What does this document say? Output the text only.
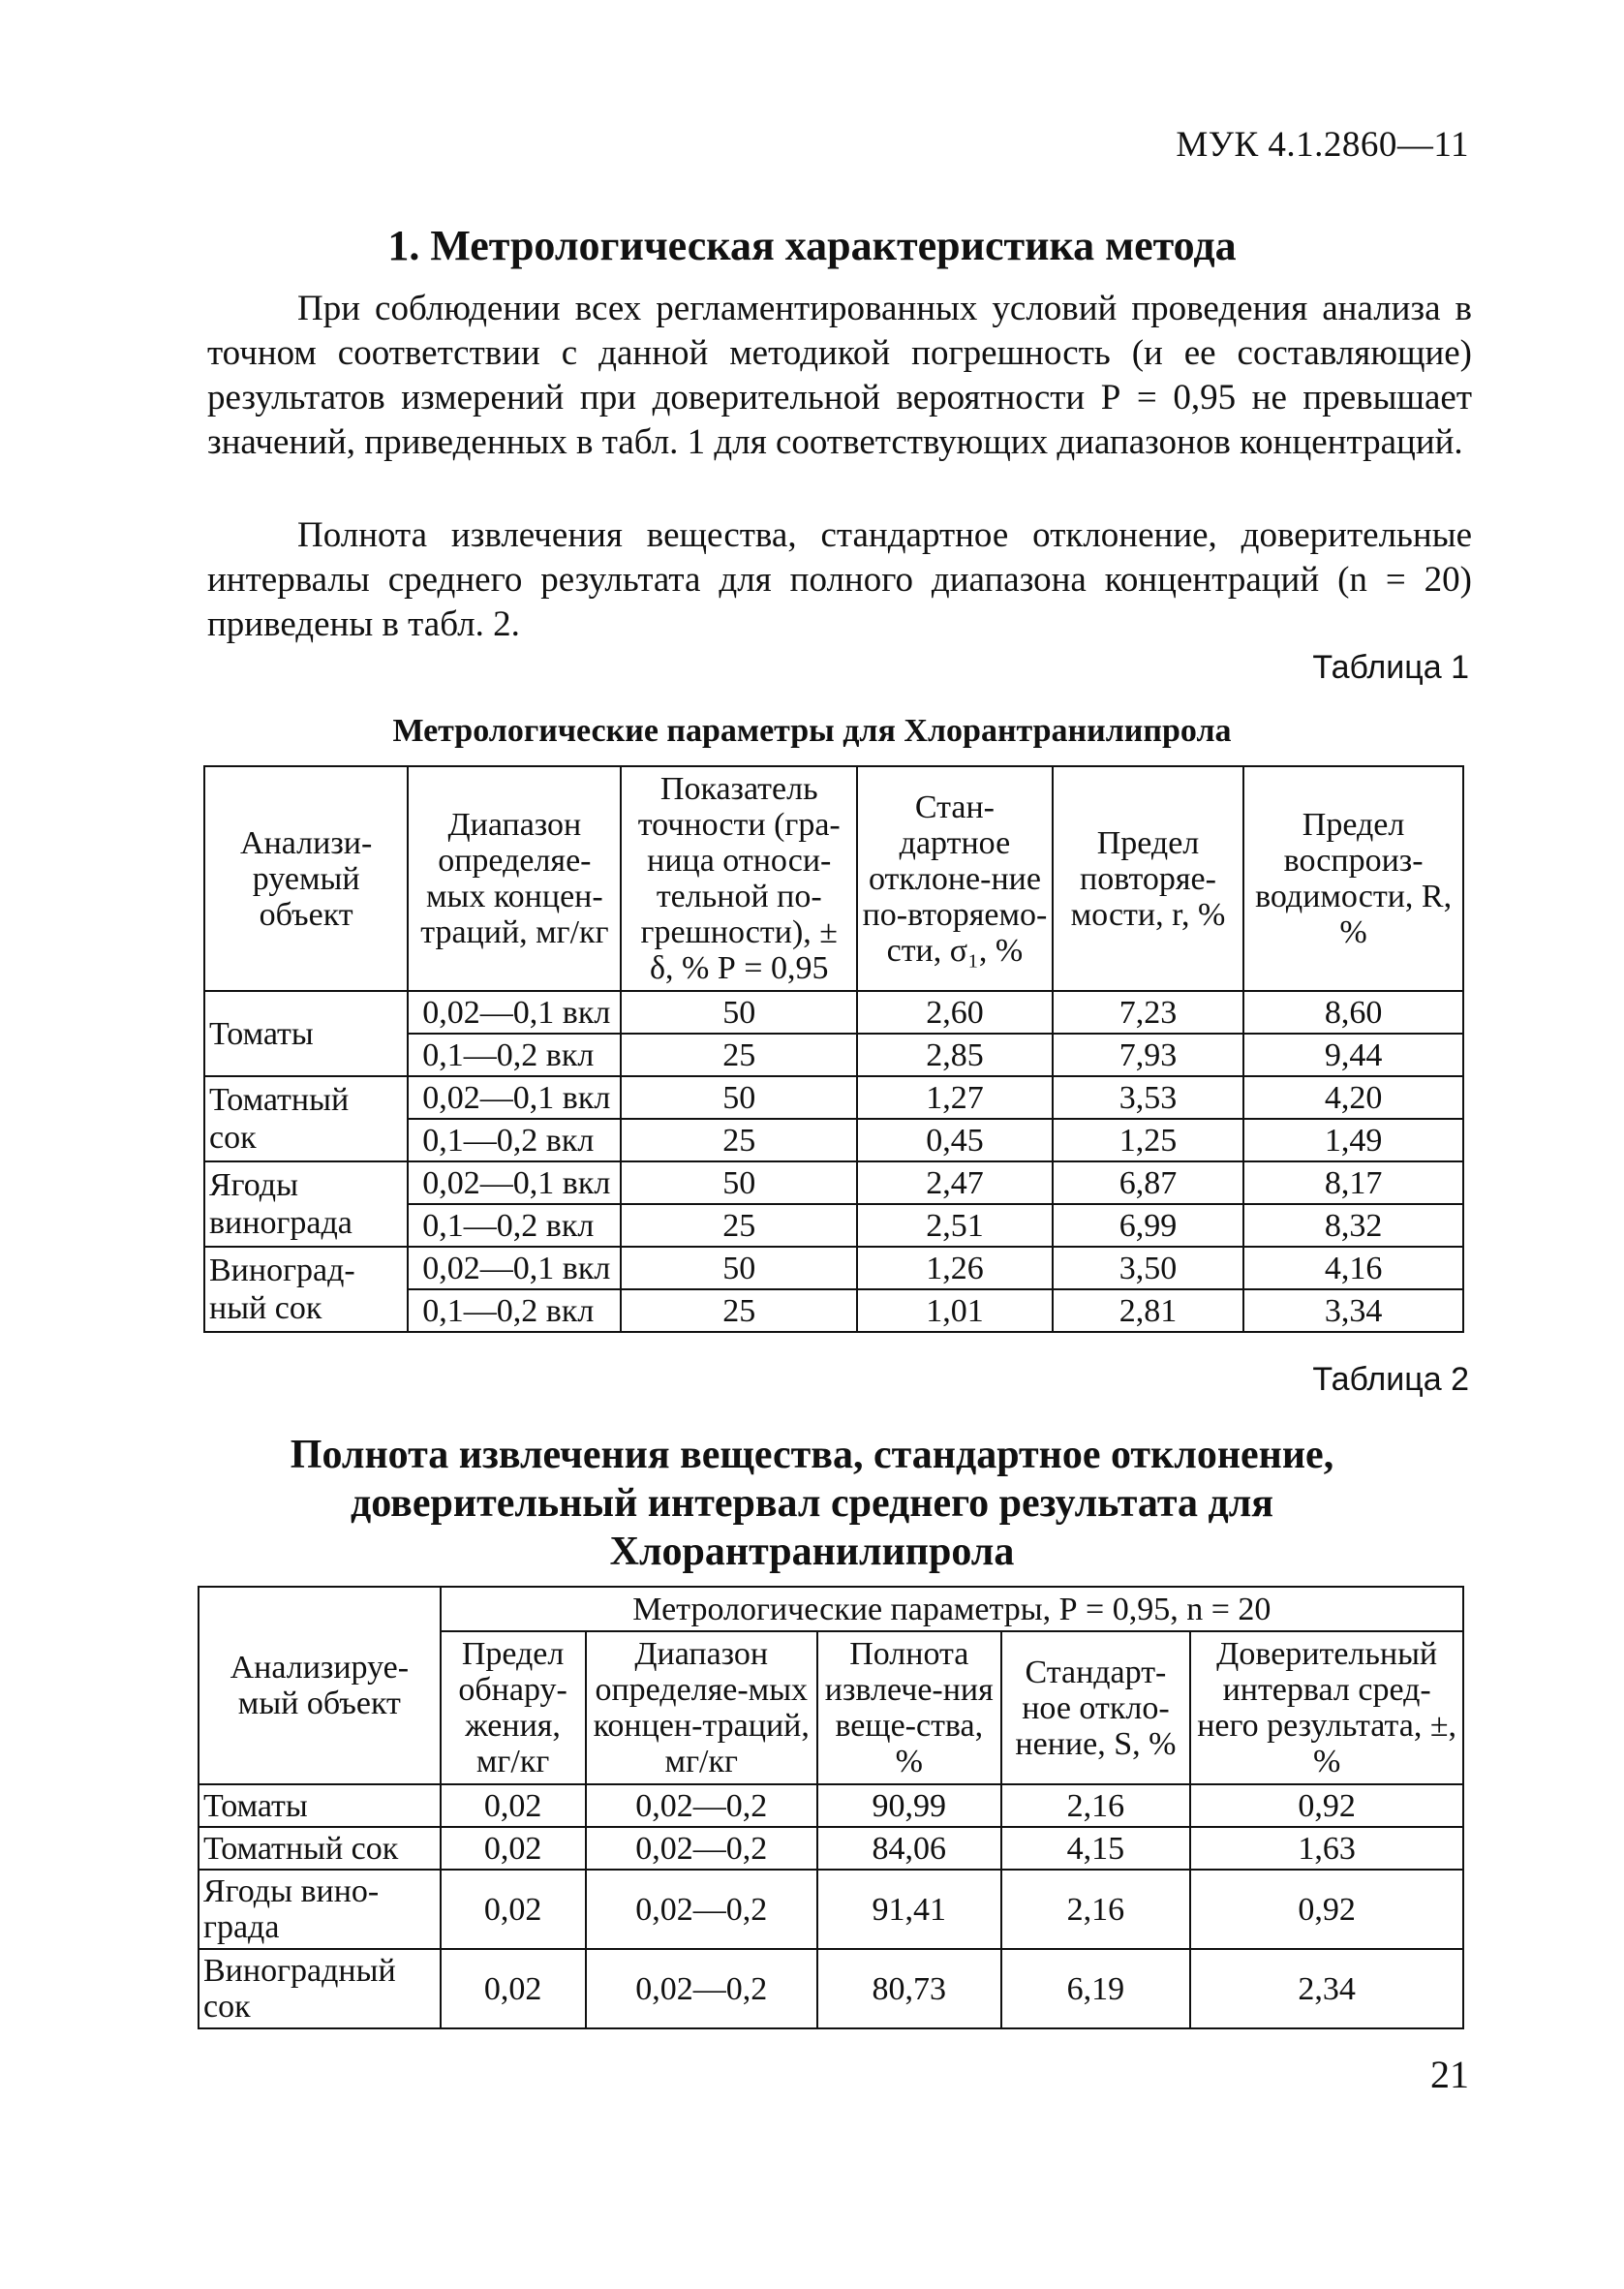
МУК 4.1.2860—11
1. Метрологическая характеристика метода

При соблюдении всех регламентированных условий проведения анализа в точном соответствии с данной методикой погрешность (и ее составляющие) результатов измерений при доверительной вероятности Р = 0,95 не превышает значений, приведенных в табл. 1 для соответствующих диапазонов концентраций.

Полнота извлечения вещества, стандартное отклонение, доверительные интервалы среднего результата для полного диапазона концентраций (n = 20) приведены в табл. 2.

Таблица 1
Метрологические параметры для Хлорантранилипрола
Анализи-руемый объект	Диапазон определяе-мых концен-траций, мг/кг	Показатель точности (гра-ница относи-тельной по-грешности), ± δ, % Р = 0,95	Стан-дартное отклоне-ние по-вторяемо-сти, σ₁, %	Предел повторяе-мости, r, %	Предел воспроиз-водимости, R, %
Томаты	0,02—0,1 вкл	50	2,60	7,23	8,60
	0,1—0,2 вкл	25	2,85	7,93	9,44
Томатный сок	0,02—0,1 вкл	50	1,27	3,53	4,20
	0,1—0,2 вкл	25	0,45	1,25	1,49
Ягоды винограда	0,02—0,1 вкл	50	2,47	6,87	8,17
	0,1—0,2 вкл	25	2,51	6,99	8,32
Виноград-ный сок	0,02—0,1 вкл	50	1,26	3,50	4,16
	0,1—0,2 вкл	25	1,01	2,81	3,34
Таблица 2
Полнота извлечения вещества, стандартное отклонение, доверительный интервал среднего результата для Хлорантранилипрола
Анализируе-мый объект	Метрологические параметры, Р = 0,95, n = 20				
	Предел обнару-жения, мг/кг	Диапазон определяе-мых концен-траций, мг/кг	Полнота извлече-ния веще-ства, %	Стандарт-ное откло-нение, S, %	Доверительный интервал сред-него результата, ±, %
Томаты	0,02	0,02—0,2	90,99	2,16	0,92
Томатный сок	0,02	0,02—0,2	84,06	4,15	1,63
Ягоды вино-града	0,02	0,02—0,2	91,41	2,16	0,92
Виноградный сок	0,02	0,02—0,2	80,73	6,19	2,34
21
